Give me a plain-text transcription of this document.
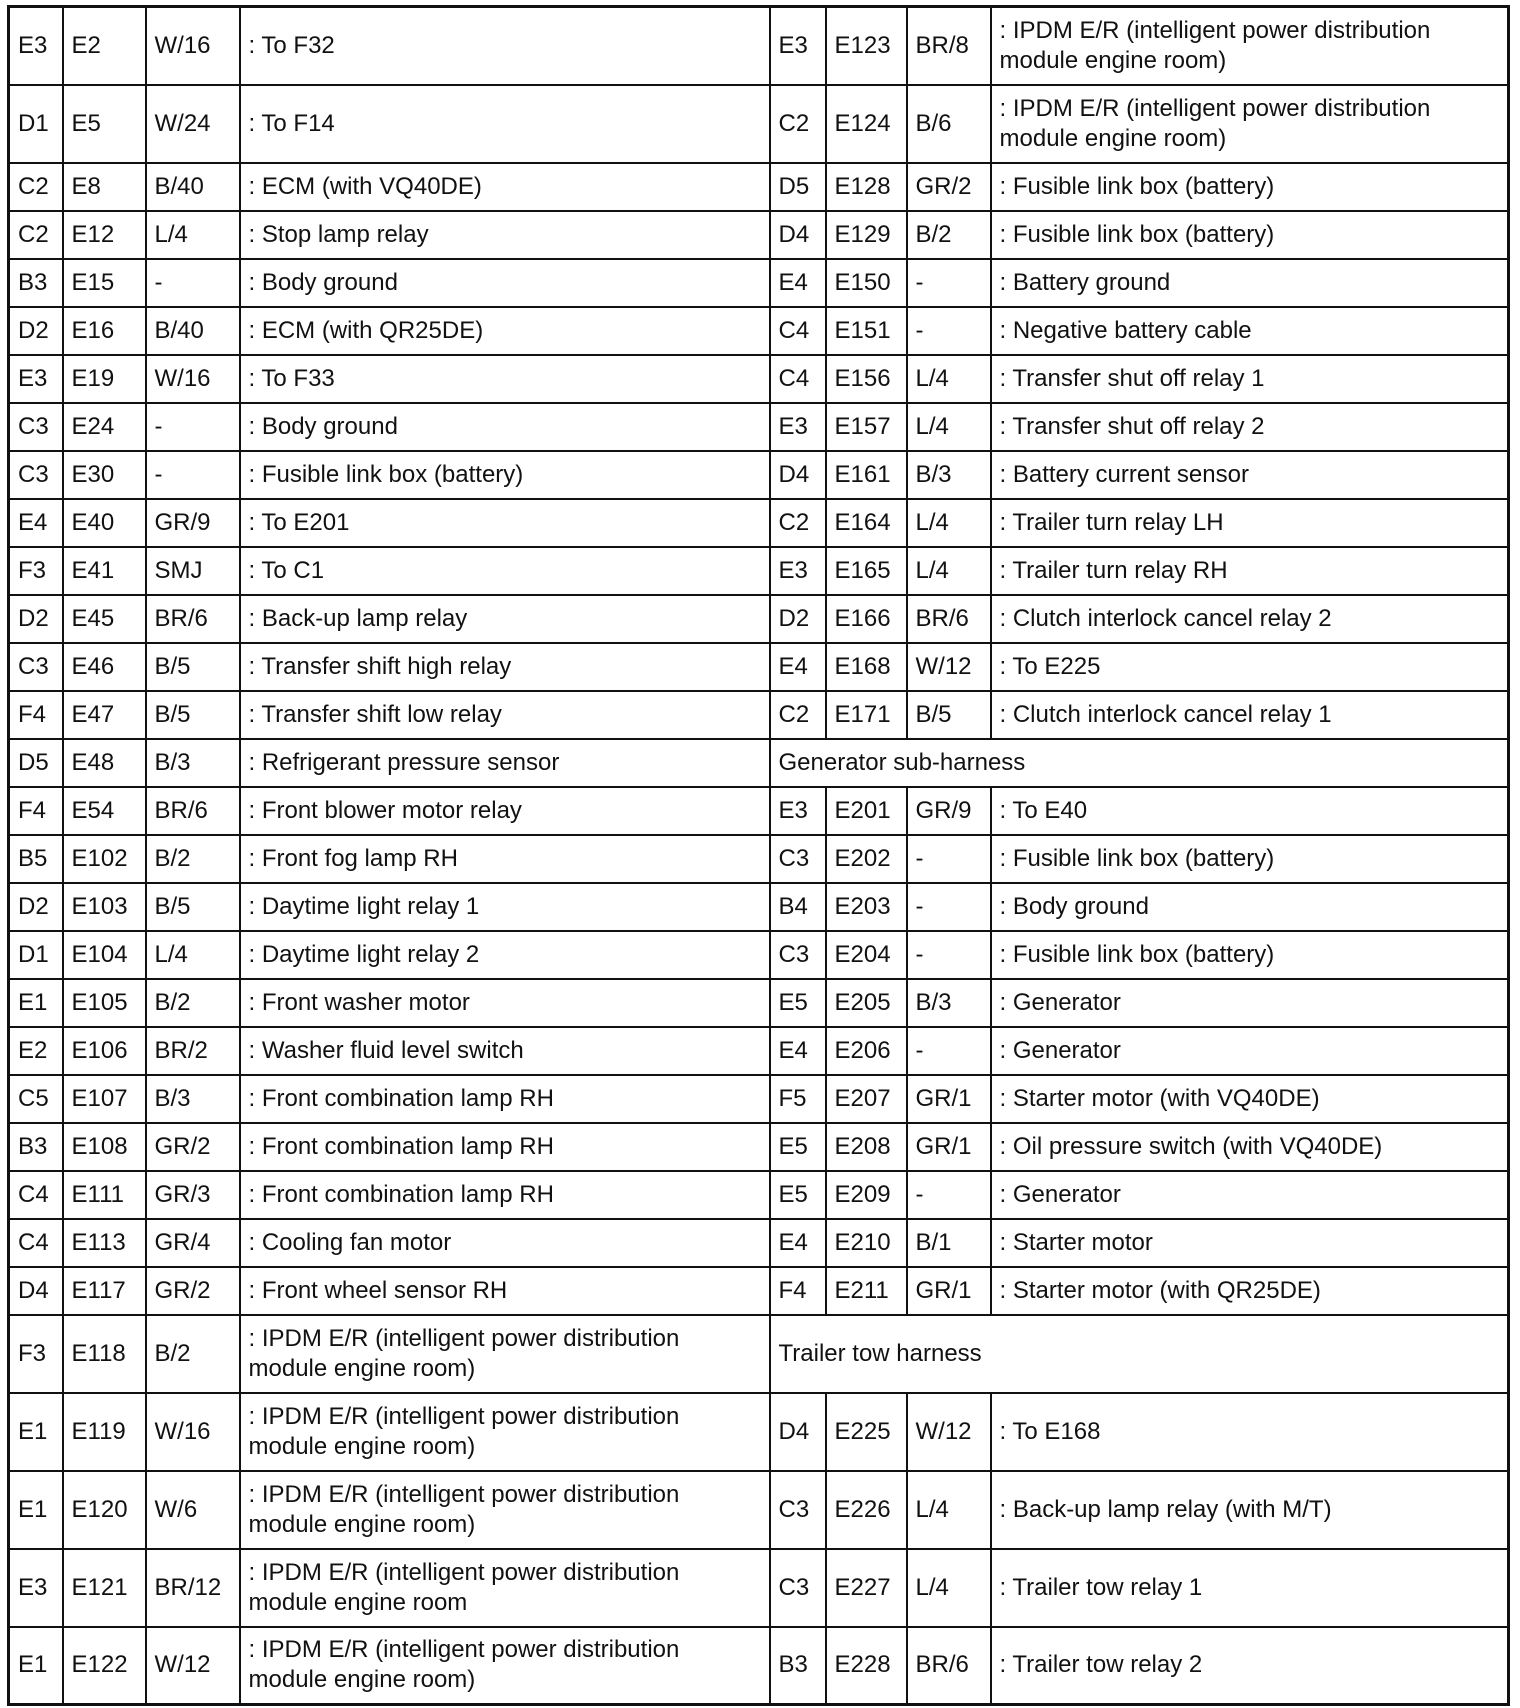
E3	E2	W/16	: To F32	E3	E123	BR/8	: IPDM E/R (intelligent power distribution module engine room)
D1	E5	W/24	: To F14	C2	E124	B/6	: IPDM E/R (intelligent power distribution module engine room)
C2	E8	B/40	: ECM (with VQ40DE)	D5	E128	GR/2	: Fusible link box (battery)
C2	E12	L/4	: Stop lamp relay	D4	E129	B/2	: Fusible link box (battery)
B3	E15	-	: Body ground	E4	E150	-	: Battery ground
D2	E16	B/40	: ECM (with QR25DE)	C4	E151	-	: Negative battery cable
E3	E19	W/16	: To F33	C4	E156	L/4	: Transfer shut off relay 1
C3	E24	-	: Body ground	E3	E157	L/4	: Transfer shut off relay 2
C3	E30	-	: Fusible link box (battery)	D4	E161	B/3	: Battery current sensor
E4	E40	GR/9	: To E201	C2	E164	L/4	: Trailer turn relay LH
F3	E41	SMJ	: To C1	E3	E165	L/4	: Trailer turn relay RH
D2	E45	BR/6	: Back-up lamp relay	D2	E166	BR/6	: Clutch interlock cancel relay 2
C3	E46	B/5	: Transfer shift high relay	E4	E168	W/12	: To E225
F4	E47	B/5	: Transfer shift low relay	C2	E171	B/5	: Clutch interlock cancel relay 1
D5	E48	B/3	: Refrigerant pressure sensor	Generator sub-harness			
F4	E54	BR/6	: Front blower motor relay	E3	E201	GR/9	: To E40
B5	E102	B/2	: Front fog lamp RH	C3	E202	-	: Fusible link box (battery)
D2	E103	B/5	: Daytime light relay 1	B4	E203	-	: Body ground
D1	E104	L/4	: Daytime light relay 2	C3	E204	-	: Fusible link box (battery)
E1	E105	B/2	: Front washer motor	E5	E205	B/3	: Generator
E2	E106	BR/2	: Washer fluid level switch	E4	E206	-	: Generator
C5	E107	B/3	: Front combination lamp RH	F5	E207	GR/1	: Starter motor (with VQ40DE)
B3	E108	GR/2	: Front combination lamp RH	E5	E208	GR/1	: Oil pressure switch (with VQ40DE)
C4	E111	GR/3	: Front combination lamp RH	E5	E209	-	: Generator
C4	E113	GR/4	: Cooling fan motor	E4	E210	B/1	: Starter motor
D4	E117	GR/2	: Front wheel sensor RH	F4	E211	GR/1	: Starter motor (with QR25DE)
F3	E118	B/2	: IPDM E/R (intelligent power distribution module engine room)	Trailer tow harness			
E1	E119	W/16	: IPDM E/R (intelligent power distribution module engine room)	D4	E225	W/12	: To E168
E1	E120	W/6	: IPDM E/R (intelligent power distribution module engine room)	C3	E226	L/4	: Back-up lamp relay (with M/T)
E3	E121	BR/12	: IPDM E/R (intelligent power distribution module engine room	C3	E227	L/4	: Trailer tow relay 1
E1	E122	W/12	: IPDM E/R (intelligent power distribution module engine room)	B3	E228	BR/6	: Trailer tow relay 2
